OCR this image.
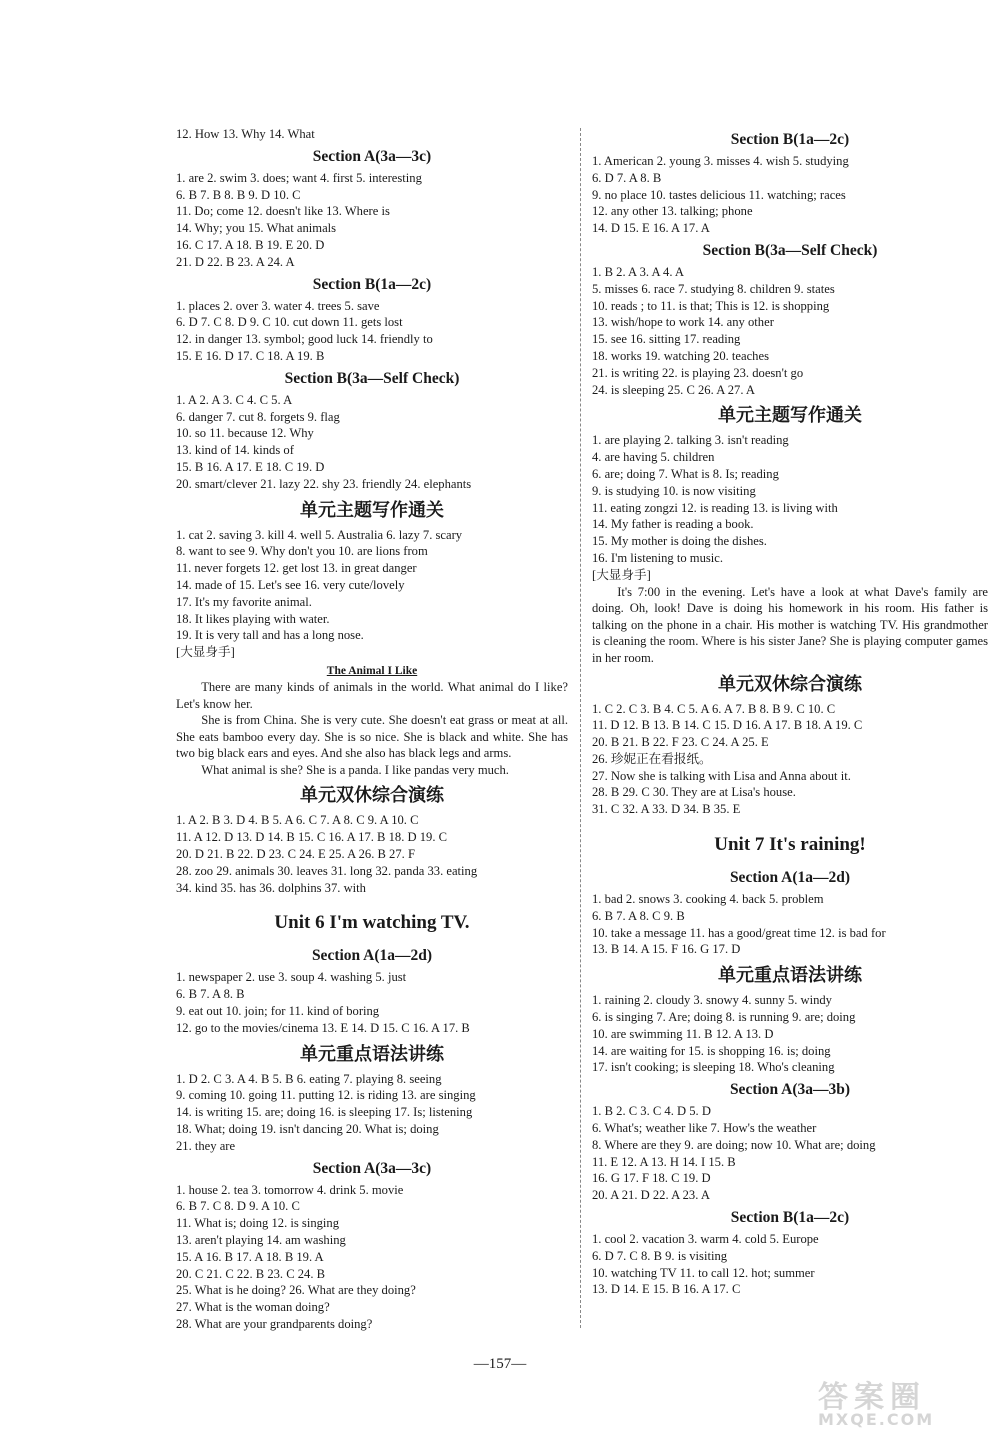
12. How 13. Why 14. What
Section A(3a—3c)
1. are 2. swim 3. does; want 4. first 5. interesting
6. B 7. B 8. B 9. D 10. C
11. Do; come 12. doesn't like 13. Where is
14. Why; you 15. What animals
16. C 17. A 18. B 19. E 20. D
21. D 22. B 23. A 24. A
Section B(1a—2c)
1. places 2. over 3. water 4. trees 5. save
6. D 7. C 8. D 9. C 10. cut down 11. gets lost
12. in danger 13. symbol; good luck 14. friendly to
15. E 16. D 17. C 18. A 19. B
Section B(3a—Self Check)
1. A 2. A 3. C 4. C 5. A
6. danger 7. cut 8. forgets 9. flag
10. so 11. because 12. Why
13. kind of 14. kinds of
15. B 16. A 17. E 18. C 19. D
20. smart/clever 21. lazy 22. shy 23. friendly 24. elephants
单元主题写作通关
1. cat 2. saving 3. kill 4. well 5. Australia 6. lazy 7. scary
8. want to see 9. Why don't you 10. are lions from
11. never forgets 12. get lost 13. in great danger
14. made of 15. Let's see 16. very cute/lovely
17. It's my favorite animal.
18. It likes playing with water.
19. It is very tall and has a long nose.
[大显身手]
The Animal I Like

There are many kinds of animals in the world. What animal do I like? Let's know her.

She is from China. She is very cute. She doesn't eat grass or meat at all. She eats bamboo every day. She is so nice. She is black and white. She has two big black ears and eyes. And she also has black legs and arms.

What animal is she? She is a panda. I like pandas very much.

单元双休综合演练
1. A 2. B 3. D 4. B 5. A 6. C 7. A 8. C 9. A 10. C
11. A 12. D 13. D 14. B 15. C 16. A 17. B 18. D 19. C
20. D 21. B 22. D 23. C 24. E 25. A 26. B 27. F
28. zoo 29. animals 30. leaves 31. long 32. panda 33. eating
34. kind 35. has 36. dolphins 37. with
Unit 6 I'm watching TV.
Section A(1a—2d)
1. newspaper 2. use 3. soup 4. washing 5. just
6. B 7. A 8. B
9. eat out 10. join; for 11. kind of boring
12. go to the movies/cinema 13. E 14. D 15. C 16. A 17. B
单元重点语法讲练
1. D 2. C 3. A 4. B 5. B 6. eating 7. playing 8. seeing
9. coming 10. going 11. putting 12. is riding 13. are singing
14. is writing 15. are; doing 16. is sleeping 17. Is; listening
18. What; doing 19. isn't dancing 20. What is; doing
21. they are
Section A(3a—3c)
1. house 2. tea 3. tomorrow 4. drink 5. movie
6. B 7. C 8. D 9. A 10. C
11. What is; doing 12. is singing
13. aren't playing 14. am washing
15. A 16. B 17. A 18. B 19. A
20. C 21. C 22. B 23. C 24. B
25. What is he doing? 26. What are they doing?
27. What is the woman doing?
28. What are your grandparents doing?
Section B(1a—2c)
1. American 2. young 3. misses 4. wish 5. studying
6. D 7. A 8. B
9. no place 10. tastes delicious 11. watching; races
12. any other 13. talking; phone
14. D 15. E 16. A 17. A
Section B(3a—Self Check)
1. B 2. A 3. A 4. A
5. misses 6. race 7. studying 8. children 9. states
10. reads ; to 11. is that; This is 12. is shopping
13. wish/hope to work 14. any other
15. see 16. sitting 17. reading
18. works 19. watching 20. teaches
21. is writing 22. is playing 23. doesn't go
24. is sleeping 25. C 26. A 27. A
单元主题写作通关
1. are playing 2. talking 3. isn't reading
4. are having 5. children
6. are; doing 7. What is 8. Is; reading
9. is studying 10. is now visiting
11. eating zongzi 12. is reading 13. is living with
14. My father is reading a book.
15. My mother is doing the dishes.
16. I'm listening to music.
[大显身手]

It's 7:00 in the evening. Let's have a look at what Dave's family are doing. Oh, look! Dave is doing his homework in his room. His father is talking on the phone in a chair. His mother is watching TV. His grandmother is cleaning the room. Where is his sister Jane? She is playing computer games in her room.

单元双休综合演练
1. C 2. C 3. B 4. C 5. A 6. A 7. B 8. B 9. C 10. C
11. D 12. B 13. B 14. C 15. D 16. A 17. B 18. A 19. C
20. B 21. B 22. F 23. C 24. A 25. E
26. 珍妮正在看报纸。
27. Now she is talking with Lisa and Anna about it.
28. B 29. C 30. They are at Lisa's house.
31. C 32. A 33. D 34. B 35. E
Unit 7 It's raining!
Section A(1a—2d)
1. bad 2. snows 3. cooking 4. back 5. problem
6. B 7. A 8. C 9. B
10. take a message 11. has a good/great time 12. is bad for
13. B 14. A 15. F 16. G 17. D
单元重点语法讲练
1. raining 2. cloudy 3. snowy 4. sunny 5. windy
6. is singing 7. Are; doing 8. is running 9. are; doing
10. are swimming 11. B 12. A 13. D
14. are waiting for 15. is shopping 16. is; doing
17. isn't cooking; is sleeping 18. Who's cleaning
Section A(3a—3b)
1. B 2. C 3. C 4. D 5. D
6. What's; weather like 7. How's the weather
8. Where are they 9. are doing; now 10. What are; doing
11. E 12. A 13. H 14. I 15. B
16. G 17. F 18. C 19. D
20. A 21. D 22. A 23. A
Section B(1a—2c)
1. cool 2. vacation 3. warm 4. cold 5. Europe
6. D 7. C 8. B 9. is visiting
10. watching TV 11. to call 12. hot; summer
13. D 14. E 15. B 16. A 17. C
—157—
答案圈
MXQE.COM
